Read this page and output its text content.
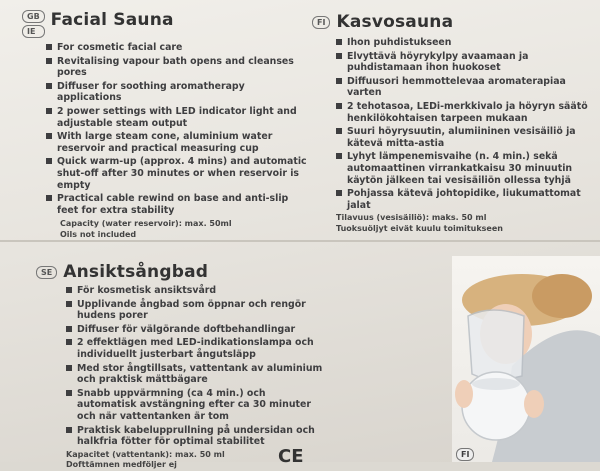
GB
IE
Facial Sauna
For cosmetic facial care
Revitalising vapour bath opens and cleanses pores
Diffuser for soothing aromatherapy applications
2 power settings with LED indicator light and adjustable steam output
With large steam cone, aluminium water reservoir and practical measuring cup
Quick warm-up (approx. 4 mins) and automatic shut-off after 30 minutes or when reservoir is empty
Practical cable rewind on base and anti-slip feet for extra stability
Capacity (water reservoir): max. 50ml
Oils not included
FI Kasvosauna
Ihon puhdistukseen
Elvyttävä höyrykylpy avaamaan ja puhdistamaan ihon huokoset
Diffuusori hemmottelevaa aromaterapiaa varten
2 tehotasoa, LEDi-merkkivalo ja höyryn säätö henkilökohtaisen tarpeen mukaan
Suuri höyrysuutin, alumiininen vesisäiliö ja kätevä mitta-astia
Lyhyt lämpenemisvaihe (n. 4 min.) sekä automaattinen virrankatkaisu 30 minuutin käytön jälkeen tai vesisäiliön ollessa tyhjä
Pohjassa kätevä johtopidike, liukumattomat jalat
Tilavuus (vesisäiliö): maks. 50 ml
Tuoksuöljyt eivät kuulu toimitukseen
SE Ansiktsångbad
För kosmetisk ansiktsvård
Upplivande ångbad som öppnar och rengör hudens porer
Diffuser för välgörande doftbehandlingar
2 effektlägen med LED-indikationslampa och individuellt justerbart ångutsläpp
Med stor ångtillsats, vattentank av aluminium och praktisk mättbägare
Snabb uppvärmning (ca 4 min.) och automatisk avstängning efter ca 30 minuter och när vattentanken är tom
Praktisk kabelupprullning på undersidan och halkfria fötter för optimal stabilitet
Kapacitet (vattentank): max. 50 ml
Dofttämnen medföljer ej	CE	FI
